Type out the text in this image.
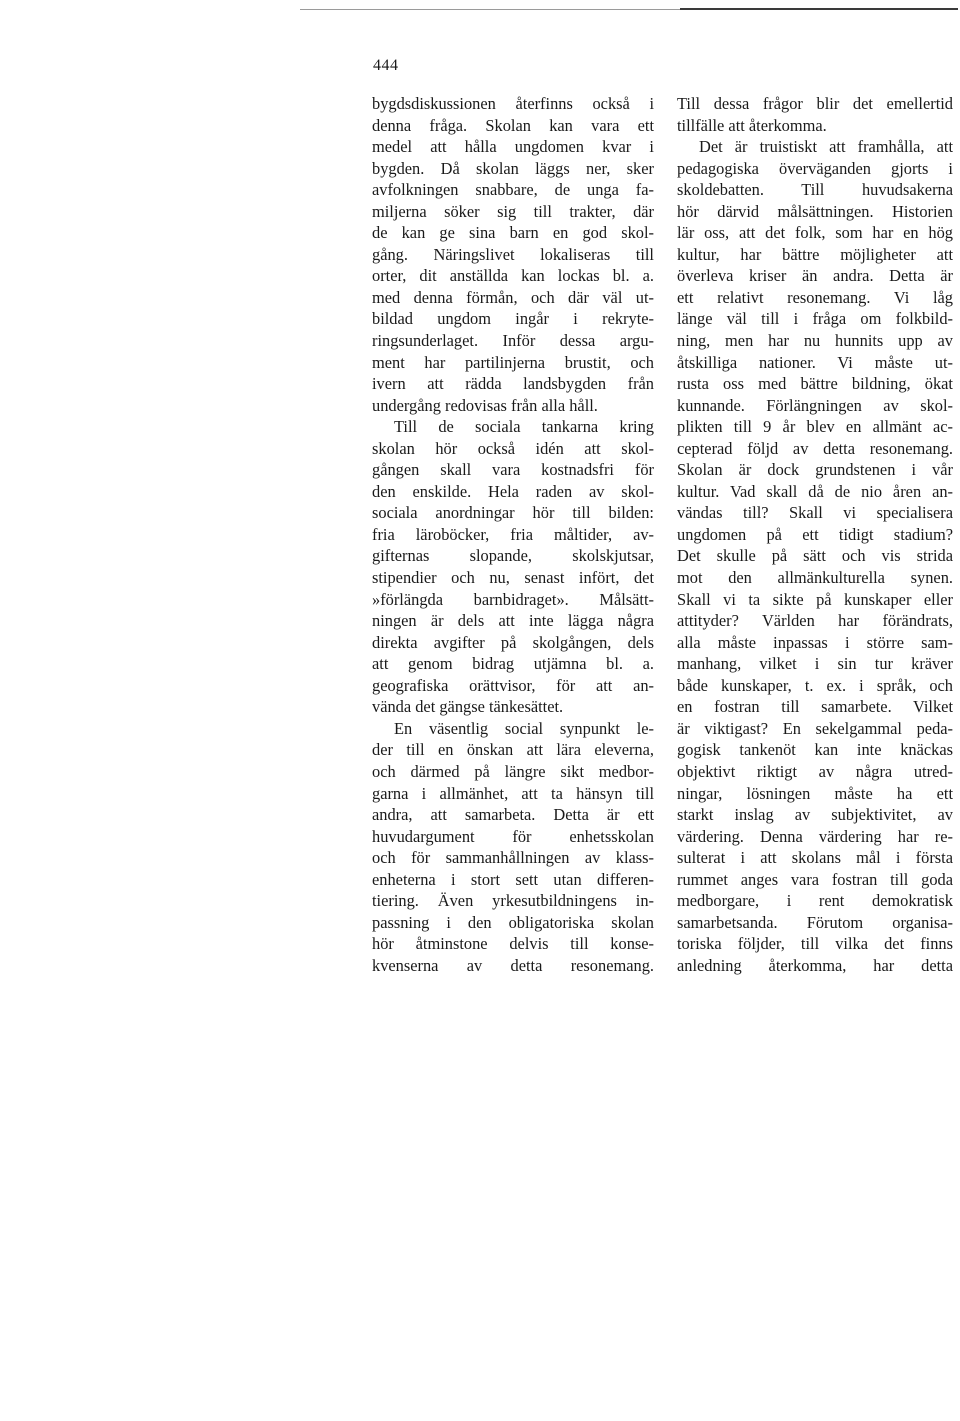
444
bygdsdiskussionen återfinns också i
denna fråga. Skolan kan vara ett
medel att hålla ungdomen kvar i
bygden. Då skolan läggs ner, sker
avfolkningen snabbare, de unga fa-
miljerna söker sig till trakter, där
de kan ge sina barn en god skol-
gång. Näringslivet lokaliseras till
orter, dit anställda kan lockas bl. a.
med denna förmån, och där väl ut-
bildad ungdom ingår i rekryte-
ringsunderlaget. Inför dessa argu-
ment har partilinjerna brustit, och
ivern att rädda landsbygden från
undergång redovisas från alla håll.
Till de sociala tankarna kring
skolan hör också idén att skol-
gången skall vara kostnadsfri för
den enskilde. Hela raden av skol-
sociala anordningar hör till bilden:
fria läroböcker, fria måltider, av-
gifternas slopande, skolskjutsar,
stipendier och nu, senast infört, det
»förlängda barnbidraget». Målsätt-
ningen är dels att inte lägga några
direkta avgifter på skolgången, dels
att genom bidrag utjämna bl. a.
geografiska orättvisor, för att an-
vända det gängse tänkesättet.
En väsentlig social synpunkt le-
der till en önskan att lära eleverna,
och därmed på längre sikt medbor-
garna i allmänhet, att ta hänsyn till
andra, att samarbeta. Detta är ett
huvudargument för enhetsskolan
och för sammanhållningen av klass-
enheterna i stort sett utan differen-
tiering. Även yrkesutbildningens in-
passning i den obligatoriska skolan
hör åtminstone delvis till konse-
kvenserna av detta resonemang.
Till dessa frågor blir det emellertid
tillfälle att återkomma.
Det är truistiskt att framhålla, att
pedagogiska överväganden gjorts i
skoldebatten. Till huvudsakerna
hör därvid målsättningen. Historien
lär oss, att det folk, som har en hög
kultur, har bättre möjligheter att
överleva kriser än andra. Detta är
ett relativt resonemang. Vi låg
länge väl till i fråga om folkbild-
ning, men har nu hunnits upp av
åtskilliga nationer. Vi måste ut-
rusta oss med bättre bildning, ökat
kunnande. Förlängningen av skol-
plikten till 9 år blev en allmänt ac-
cepterad följd av detta resonemang.
Skolan är dock grundstenen i vår
kultur. Vad skall då de nio åren an-
vändas till? Skall vi specialisera
ungdomen på ett tidigt stadium?
Det skulle på sätt och vis strida
mot den allmänkulturella synen.
Skall vi ta sikte på kunskaper eller
attityder? Världen har förändrats,
alla måste inpassas i större sam-
manhang, vilket i sin tur kräver
både kunskaper, t. ex. i språk, och
en fostran till samarbete. Vilket
är viktigast? En sekelgammal peda-
gogisk tankenöt kan inte knäckas
objektivt riktigt av några utred-
ningar, lösningen måste ha ett
starkt inslag av subjektivitet, av
värdering. Denna värdering har re-
sulterat i att skolans mål i första
rummet anges vara fostran till goda
medborgare, i rent demokratisk
samarbetsanda. Förutom organisa-
toriska följder, till vilka det finns
anledning återkomma, har detta
